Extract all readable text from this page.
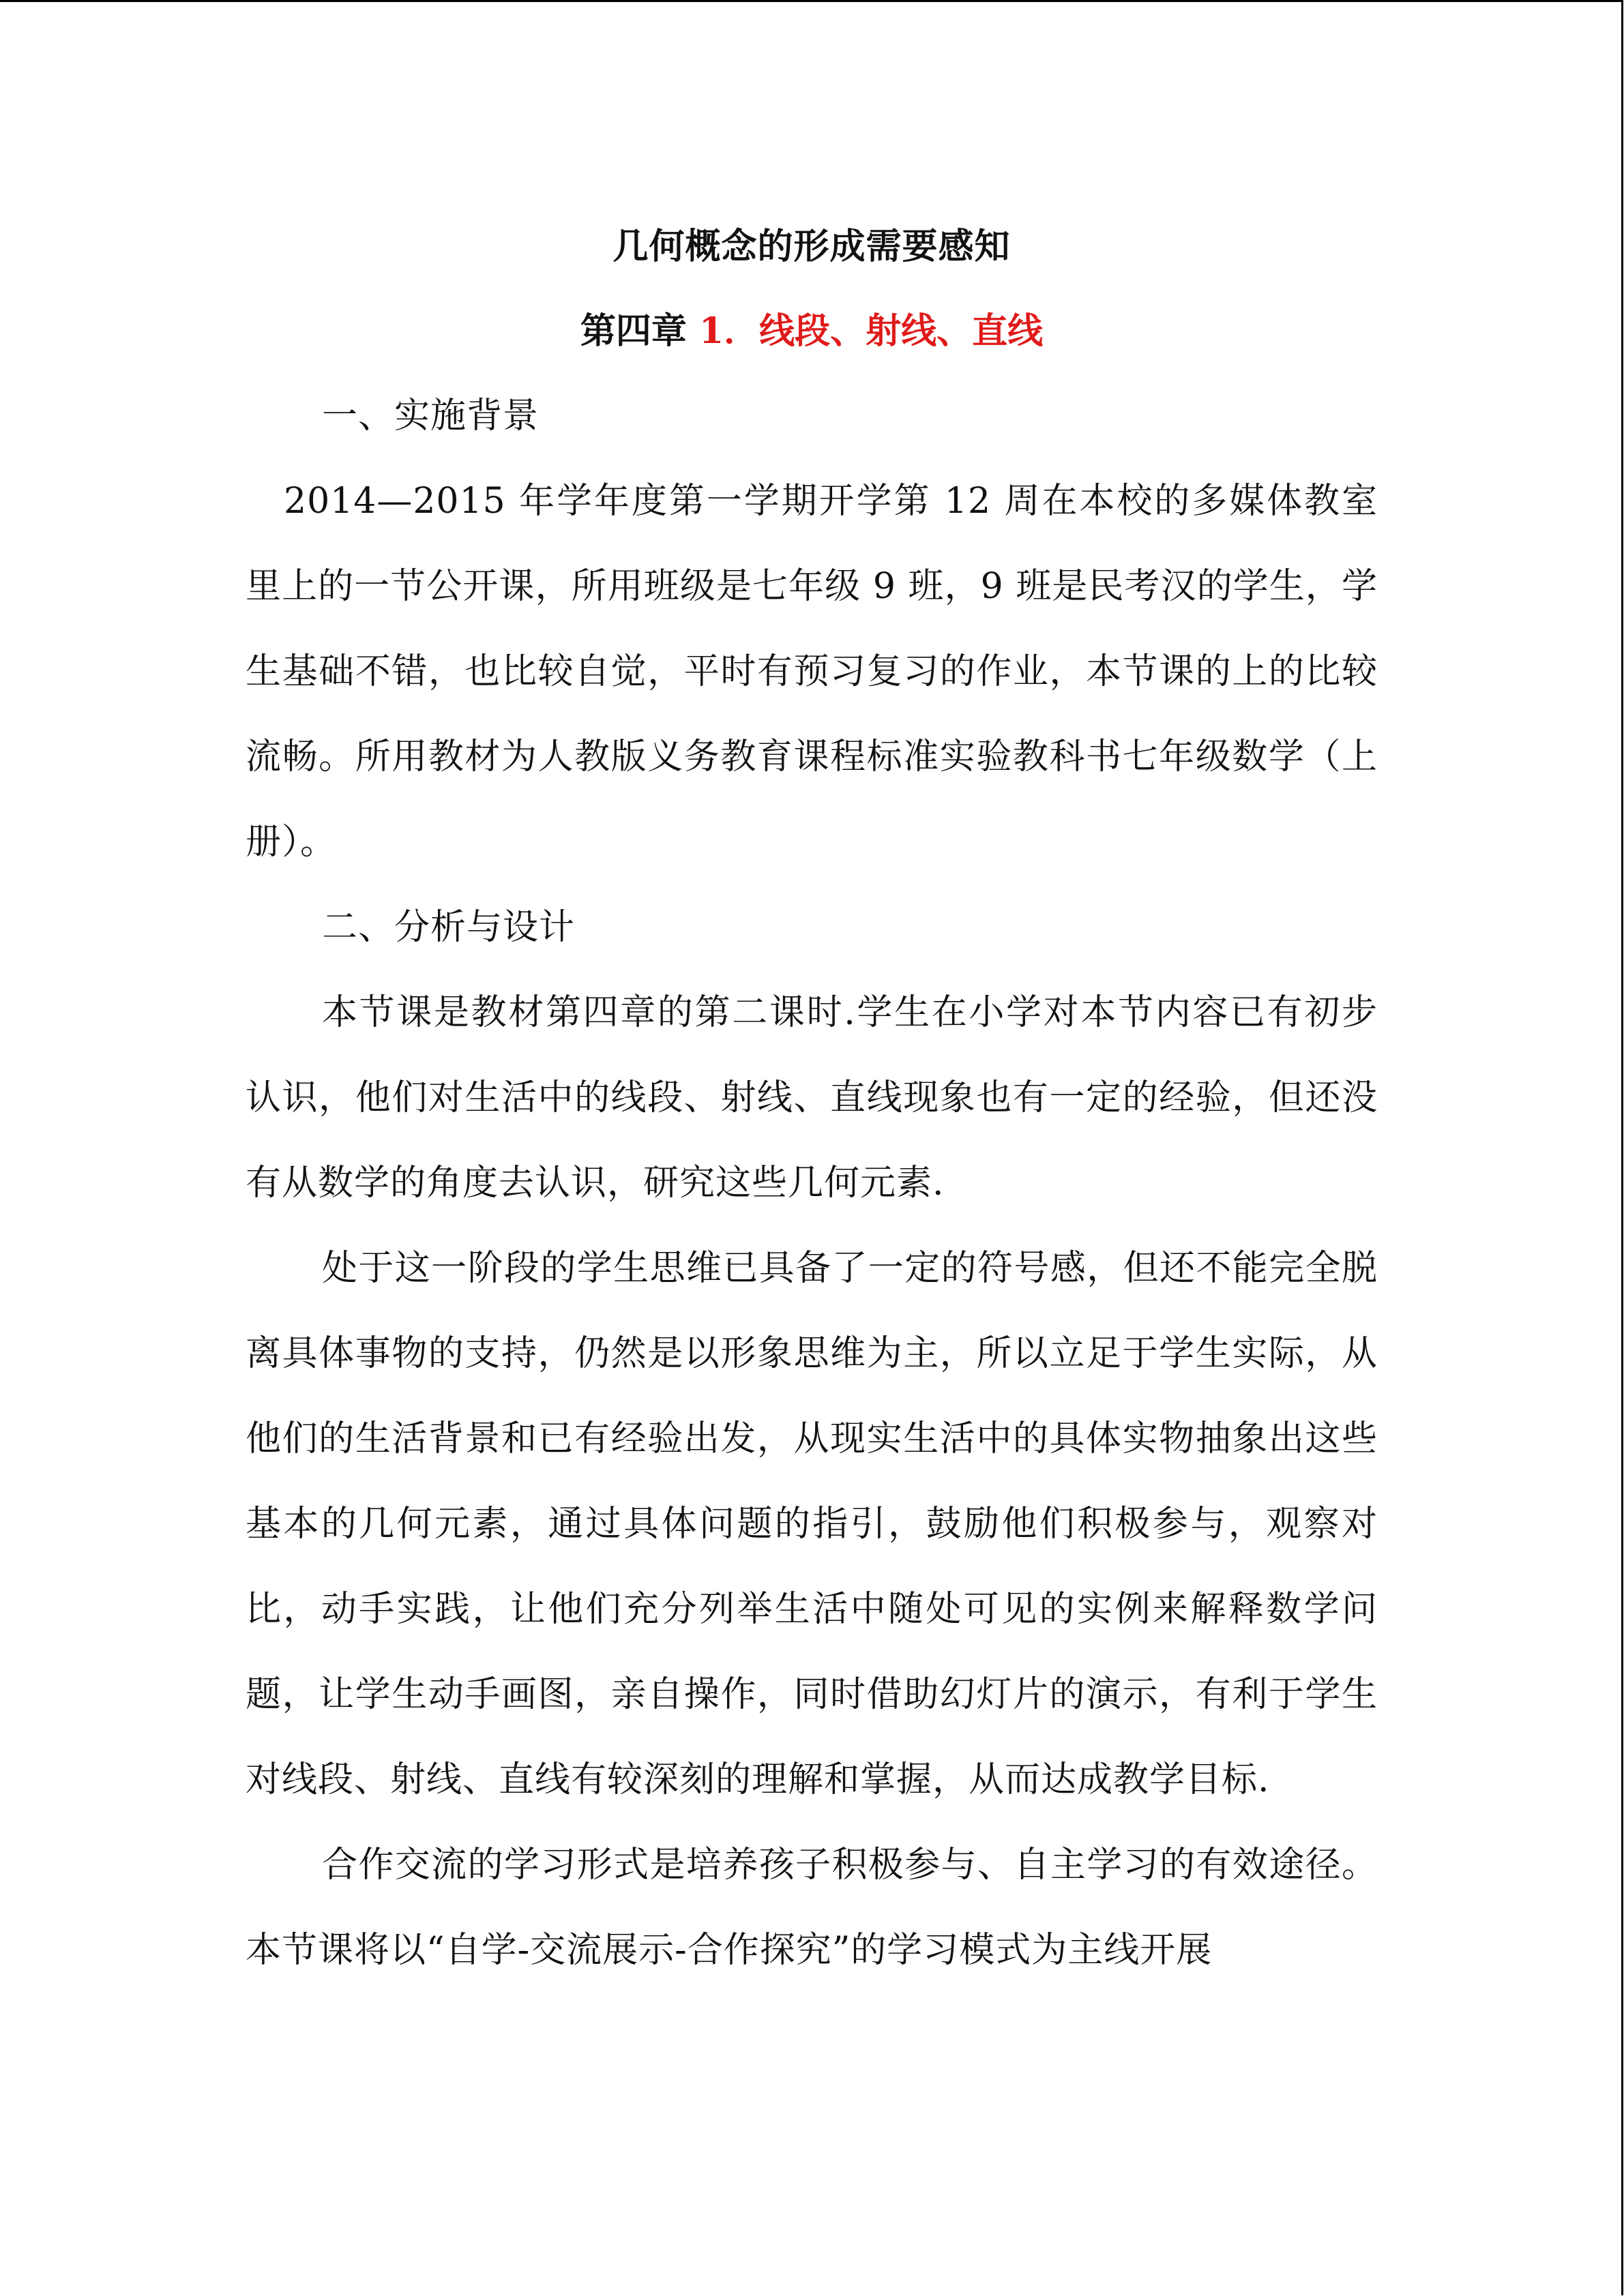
几何概念的形成需要感知
第四章 1．线段、射线、直线

一、实施背景

2014—2015 年学年度第一学期开学第 12 周在本校的多媒体教室里上的一节公开课，所用班级是七年级 9 班，9 班是民考汉的学生，学生基础不错，也比较自觉，平时有预习复习的作业，本节课的上的比较流畅。所用教材为人教版义务教育课程标准实验教科书七年级数学（上册）。

二、分析与设计

本节课是教材第四章的第二课时.学生在小学对本节内容已有初步认识，他们对生活中的线段、射线、直线现象也有一定的经验，但还没有从数学的角度去认识，研究这些几何元素.

处于这一阶段的学生思维已具备了一定的符号感，但还不能完全脱离具体事物的支持，仍然是以形象思维为主，所以立足于学生实际，从他们的生活背景和已有经验出发，从现实生活中的具体实物抽象出这些基本的几何元素，通过具体问题的指引，鼓励他们积极参与，观察对比，动手实践，让他们充分列举生活中随处可见的实例来解释数学问题，让学生动手画图，亲自操作，同时借助幻灯片的演示，有利于学生对线段、射线、直线有较深刻的理解和掌握，从而达成教学目标.

合作交流的学习形式是培养孩子积极参与、自主学习的有效途径。本节课将以“自学-交流展示-合作探究”的学习模式为主线开展
